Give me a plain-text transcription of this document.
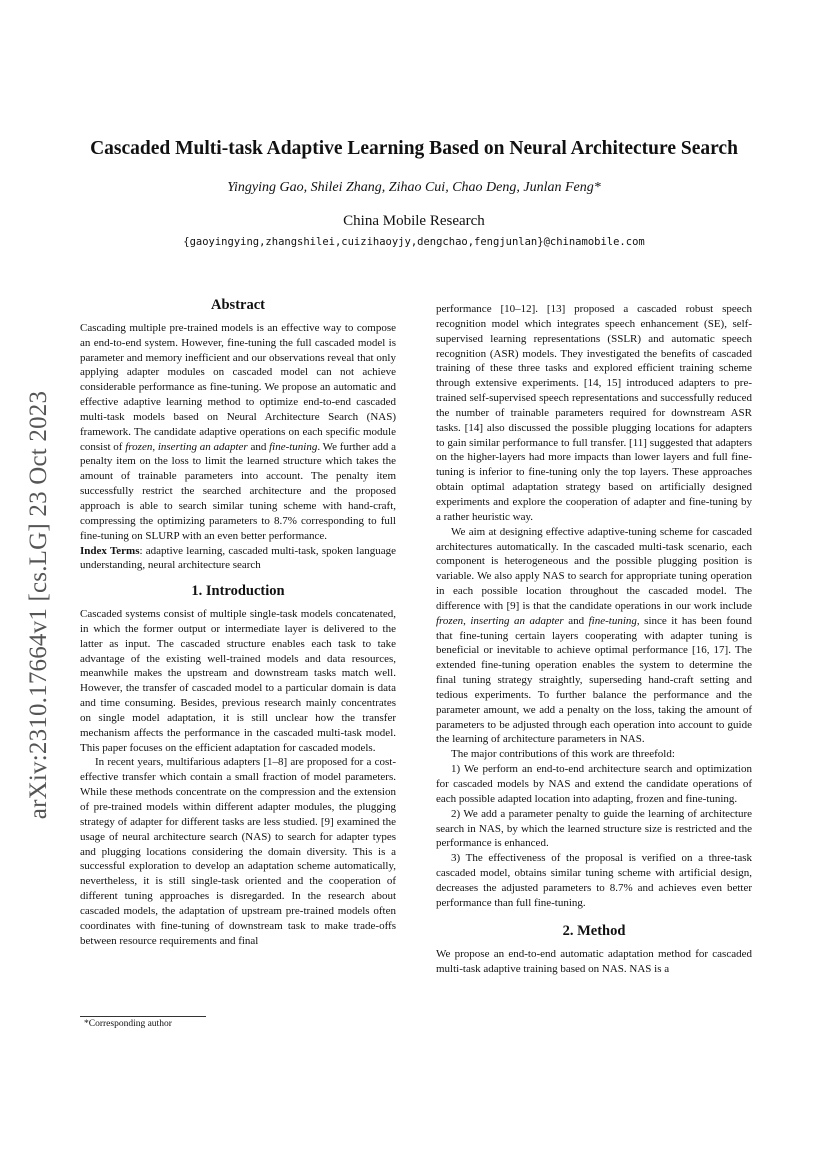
arXiv:2310.17664v1 [cs.LG] 23 Oct 2023
Cascaded Multi-task Adaptive Learning Based on Neural Architecture Search
Yingying Gao, Shilei Zhang, Zihao Cui, Chao Deng, Junlan Feng*
China Mobile Research
{gaoyingying,zhangshilei,cuizihaoyjy,dengchao,fengjunlan}@chinamobile.com
Abstract

Cascading multiple pre-trained models is an effective way to compose an end-to-end system. However, fine-tuning the full cascaded model is parameter and memory inefficient and our observations reveal that only applying adapter modules on cascaded model can not achieve considerable performance as fine-tuning. We propose an automatic and effective adaptive learning method to optimize end-to-end cascaded multi-task models based on Neural Architecture Search (NAS) framework. The candidate adaptive operations on each specific module consist of frozen, inserting an adapter and fine-tuning. We further add a penalty item on the loss to limit the learned structure which takes the amount of trainable parameters into account. The penalty item successfully restrict the searched architecture and the proposed approach is able to search similar tuning scheme with hand-craft, compressing the optimizing parameters to 8.7% corresponding to full fine-tuning on SLURP with an even better performance.

Index Terms: adaptive learning, cascaded multi-task, spoken language understanding, neural architecture search

1. Introduction

Cascaded systems consist of multiple single-task models concatenated, in which the former output or intermediate layer is delivered to the latter as input. The cascaded structure enables each task to take advantage of the existing well-trained models and data resources, meanwhile makes the upstream and downstream tasks match well. However, the transfer of cascaded model to a particular domain is data and time consuming. Besides, previous research mainly concentrates on single model adaptation, it is still unclear how the transfer mechanism affects the performance in the cascaded multi-task model. This paper focuses on the efficient adaptation for cascaded models.

In recent years, multifarious adapters [1–8] are proposed for a cost-effective transfer which contain a small fraction of model parameters. While these methods concentrate on the compression and the extension of pre-trained models within different adapter modules, the plugging strategy of adapter for different tasks are less studied. [9] examined the usage of neural architecture search (NAS) to search for adapter types and plugging locations considering the domain diversity. This is a successful exploration to develop an adaptation scheme automatically, nevertheless, it is still single-task oriented and the cooperation of different tuning approaches is disregarded. In the research about cascaded models, the adaptation of upstream pre-trained models often coordinates with fine-tuning of downstream task to make trade-offs between resource requirements and final

performance [10–12]. [13] proposed a cascaded robust speech recognition model which integrates speech enhancement (SE), self-supervised learning representations (SSLR) and automatic speech recognition (ASR) models. They investigated the benefits of cascaded training of these three tasks and explored efficient training scheme through extensive experiments. [14, 15] introduced adapters to pre-trained self-supervised speech representations and successfully reduced the number of trainable parameters required for downstream ASR tasks. [14] also discussed the possible plugging locations for adapters to gain similar performance to full transfer. [11] suggested that adapters on the higher-layers had more impacts than lower layers and full fine-tuning is inferior to fine-tuning only the top layers. These approaches obtain optimal adaptation strategy based on artificially designed experiments and explore the cooperation of adapter and fine-tuning by a rather heuristic way.

We aim at designing effective adaptive-tuning scheme for cascaded architectures automatically. In the cascaded multi-task scenario, each component is heterogeneous and the possible plugging position is variable. We also apply NAS to search for appropriate tuning operation in each possible location throughout the cascaded model. The difference with [9] is that the candidate operations in our work include frozen, inserting an adapter and fine-tuning, since it has been found that fine-tuning certain layers cooperating with adapter tuning is beneficial or inevitable to achieve optimal performance [16, 17]. The extended fine-tuning operation enables the system to determine the final tuning strategy straightly, superseding hand-craft setting and tedious experiments. To further balance the performance and the parameter amount, we add a penalty on the loss, taking the amount of parameters to be adjusted through each operation into account to guide the learning of architecture parameters in NAS.

The major contributions of this work are threefold:

1) We perform an end-to-end architecture search and optimization for cascaded models by NAS and extend the candidate operations of each possible adapted location into adapting, frozen and fine-tuning.

2) We add a parameter penalty to guide the learning of architecture search in NAS, by which the learned structure size is restricted and the performance is enhanced.

3) The effectiveness of the proposal is verified on a three-task cascaded model, obtains similar tuning scheme with artificial design, decreases the adjusted parameters to 8.7% and achieves even better performance than full fine-tuning.

2. Method

We propose an end-to-end automatic adaptation method for cascaded multi-task adaptive training based on NAS. NAS is a

*Corresponding author
